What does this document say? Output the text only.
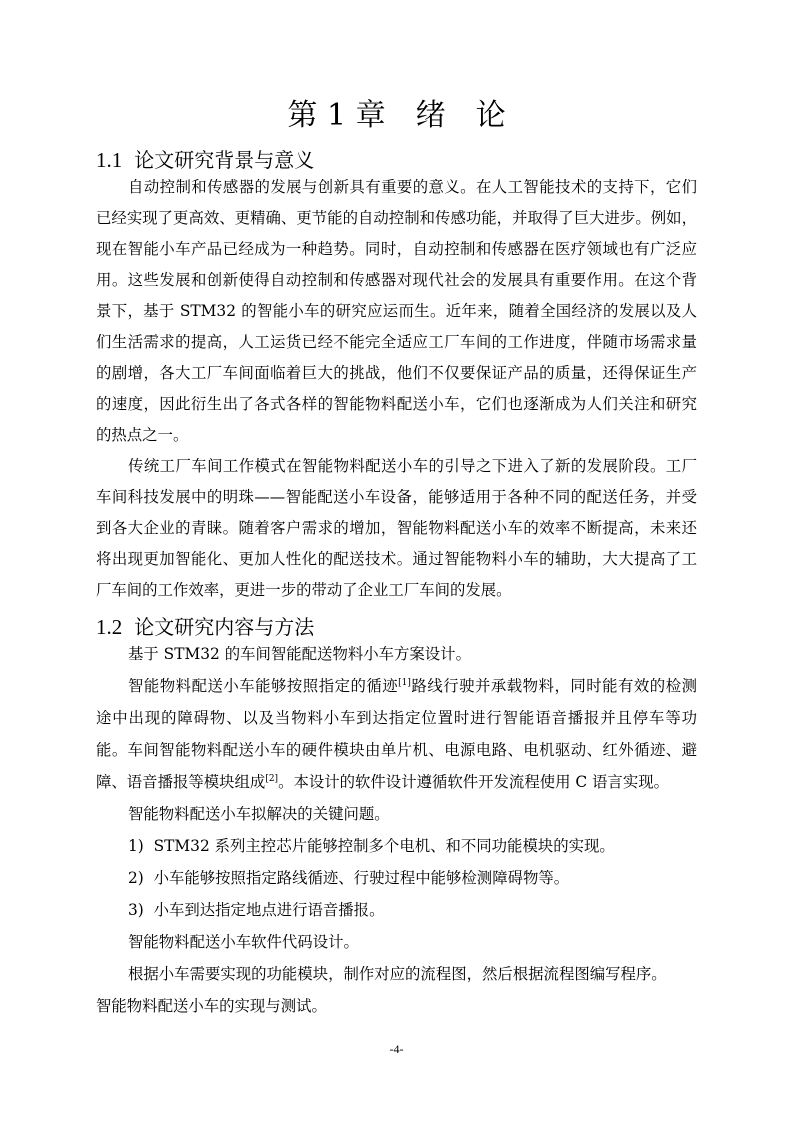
第 1 章　绪　论
1.1 论文研究背景与意义
自动控制和传感器的发展与创新具有重要的意义。在人工智能技术的支持下，它们
已经实现了更高效、更精确、更节能的自动控制和传感功能，并取得了巨大进步。例如，
现在智能小车产品已经成为一种趋势。同时，自动控制和传感器在医疗领域也有广泛应
用。这些发展和创新使得自动控制和传感器对现代社会的发展具有重要作用。在这个背
景下，基于 STM32 的智能小车的研究应运而生。近年来，随着全国经济的发展以及人
们生活需求的提高，人工运货已经不能完全适应工厂车间的工作进度，伴随市场需求量
的剧增，各大工厂车间面临着巨大的挑战，他们不仅要保证产品的质量，还得保证生产
的速度，因此衍生出了各式各样的智能物料配送小车，它们也逐渐成为人们关注和研究
的热点之一。
传统工厂车间工作模式在智能物料配送小车的引导之下进入了新的发展阶段。工厂
车间科技发展中的明珠——智能配送小车设备，能够适用于各种不同的配送任务，并受
到各大企业的青睐。随着客户需求的增加，智能物料配送小车的效率不断提高，未来还
将出现更加智能化、更加人性化的配送技术。通过智能物料小车的辅助，大大提高了工
厂车间的工作效率，更进一步的带动了企业工厂车间的发展。
1.2 论文研究内容与方法
基于 STM32 的车间智能配送物料小车方案设计。
智能物料配送小车能够按照指定的循迹[1]路线行驶并承载物料，同时能有效的检测
途中出现的障碍物、以及当物料小车到达指定位置时进行智能语音播报并且停车等功
能。车间智能物料配送小车的硬件模块由单片机、电源电路、电机驱动、红外循迹、避
障、语音播报等模块组成[2]。本设计的软件设计遵循软件开发流程使用 C 语言实现。
智能物料配送小车拟解决的关键问题。
1) STM32 系列主控芯片能够控制多个电机、和不同功能模块的实现。
2) 小车能够按照指定路线循迹、行驶过程中能够检测障碍物等。
3) 小车到达指定地点进行语音播报。
智能物料配送小车软件代码设计。
根据小车需要实现的功能模块，制作对应的流程图，然后根据流程图编写程序。
智能物料配送小车的实现与测试。
-4-
